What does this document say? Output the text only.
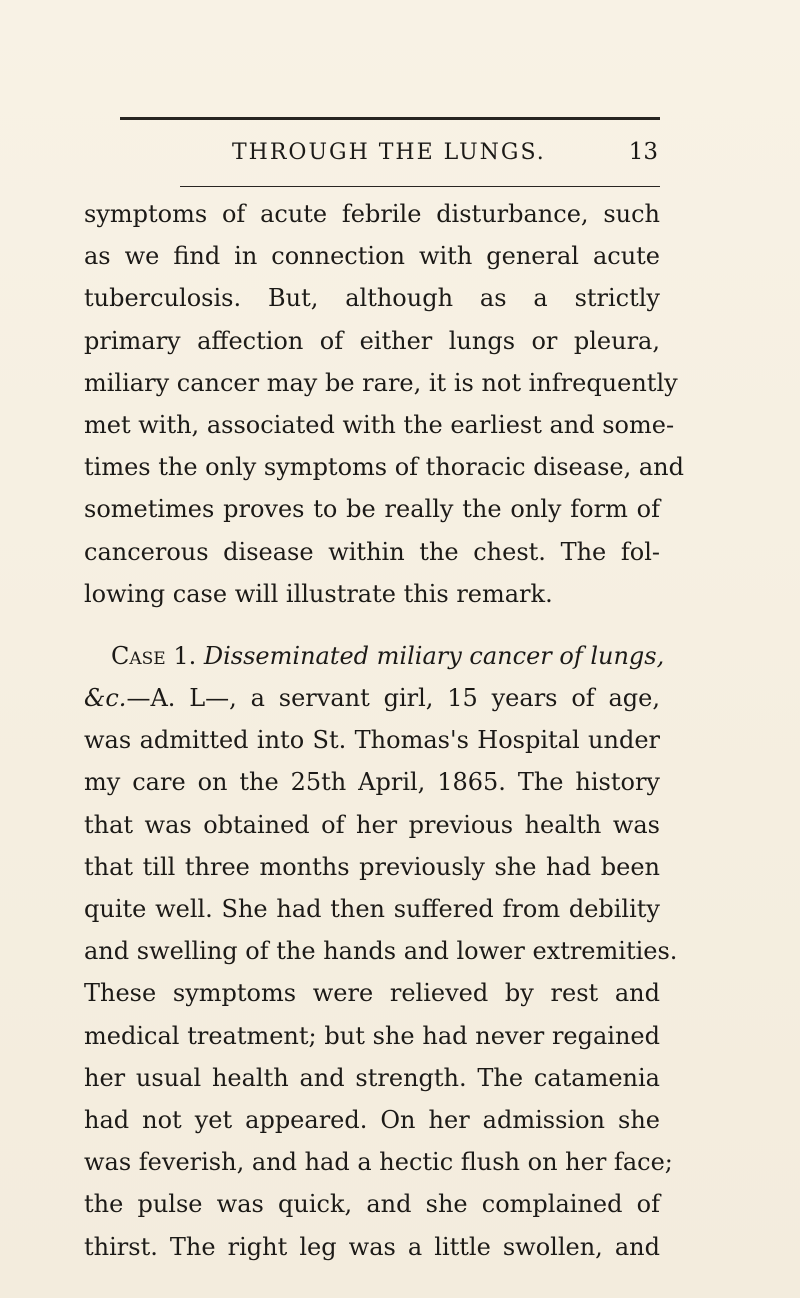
THROUGH THE LUNGS.	13
symptoms of acute febrile disturbance, such
as we find in connection with general acute
tuberculosis. But, although as a strictly
primary affection of either lungs or pleura,
miliary cancer may be rare, it is not infrequently
met with, associated with the earliest and some-
times the only symptoms of thoracic disease, and
sometimes proves to be really the only form of
cancerous disease within the chest. The fol-
lowing case will illustrate this remark.
Case 1. Disseminated miliary cancer of lungs,
&c.—A. L—, a servant girl, 15 years of age,
was admitted into St. Thomas's Hospital under
my care on the 25th April, 1865. The history
that was obtained of her previous health was
that till three months previously she had been
quite well. She had then suffered from debility
and swelling of the hands and lower extremities.
These symptoms were relieved by rest and
medical treatment; but she had never regained
her usual health and strength. The catamenia
had not yet appeared. On her admission she
was feverish, and had a hectic flush on her face;
the pulse was quick, and she complained of
thirst. The right leg was a little swollen, and
